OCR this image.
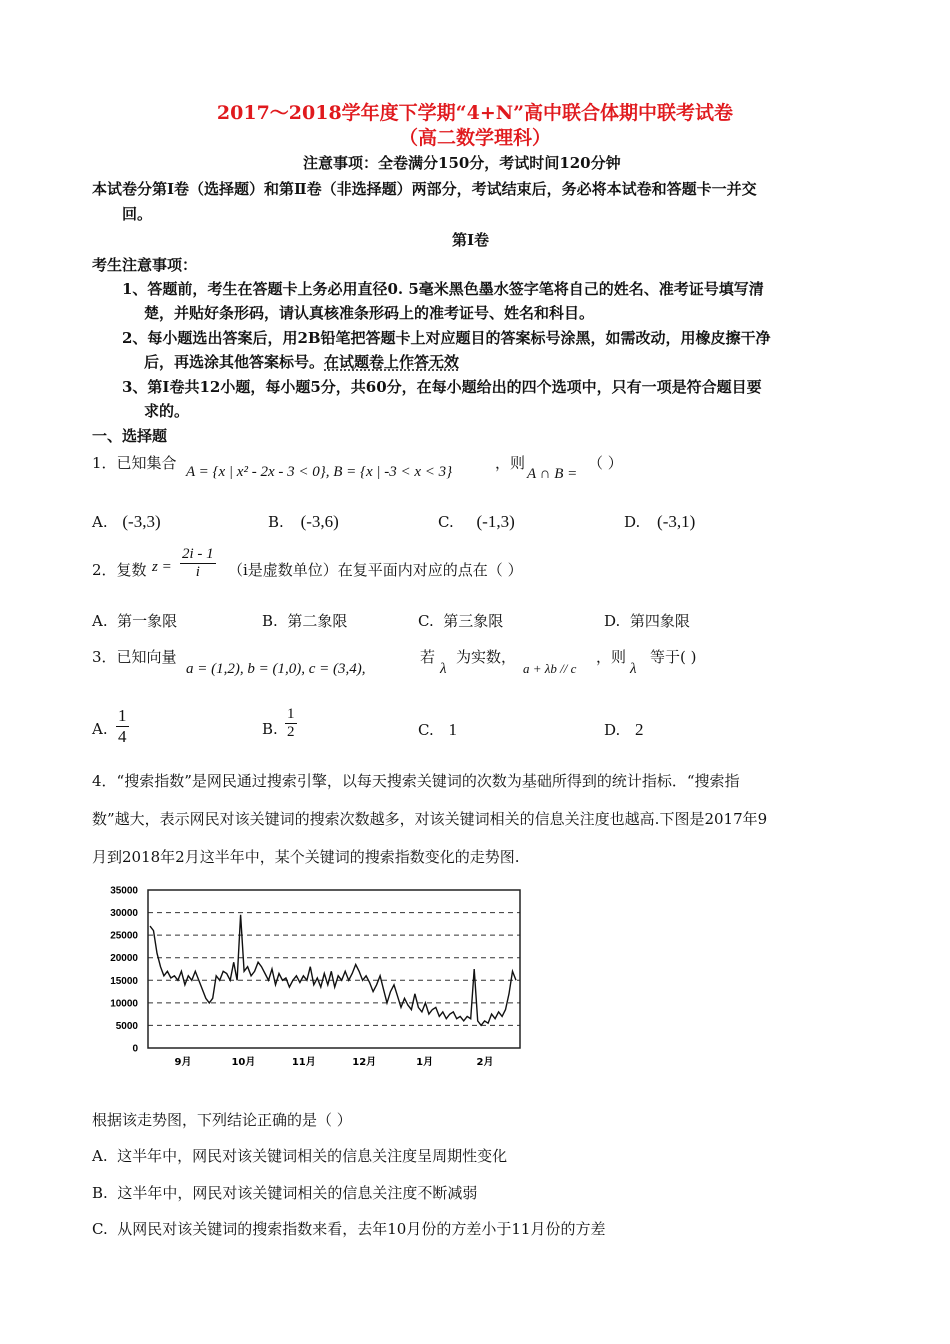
2017～2018学年度下学期“4+N”高中联合体期中联考试卷
（高二数学理科）
注意事项：全卷满分150分，考试时间120分钟
本试卷分第Ⅰ卷（选择题）和第Ⅱ卷（非选择题）两部分，考试结束后，务必将本试卷和答题卡一并交
回。
第Ⅰ卷
考生注意事项：
1、答题前，考生在答题卡上务必用直径0. 5毫米黑色墨水签字笔将自己的姓名、准考证号填写清
楚，并贴好条形码，请认真核准条形码上的准考证号、姓名和科目。
2、每小题选出答案后，用2B铅笔把答题卡上对应题目的答案标号涂黑，如需改动，用橡皮擦干净
后，再选涂其他答案标号。在试题卷上作答无效
3、第Ⅰ卷共12小题，每小题5分，共60分，在每小题给出的四个选项中，只有一项是符合题目要
求的。
一、选择题
1．已知集合 A = {x | x² - 2x - 3 < 0}, B = {x | -3 < x < 3}	，则
A ∩ B =
（ ）
A. (-3,3)	B. (-3,6)	C. (-1,3)	D. (-3,1)
2．复数 $z = \frac{2i - 1}{i} (i$是虚数单位）在复平面内对应的点在（ ）
A. 第一象限	B. 第二象限	C. 第三象限	D. 第四象限
3．已知向量
a = (1,2), b = (1,0), c = (3,4),
若
λ
为实数，
a + λb // c
，则
λ
等于( )
A. $\frac{1}{4}$	B. $\frac{1}{2}$	C. 1	D. 2
4．“搜索指数”是网民通过搜索引擎，以每天搜索关键词的次数为基础所得到的统计指标．“搜索指
数”越大，表示网民对该关键词的搜索次数越多，对该关键词相关的信息关注度也越高.下图是2017年9
月到2018年2月这半年中，某个关键词的搜索指数变化的走势图.
35000
30000
25000
20000
15000
10000
5000
0
9月	10月	11月	12月	1月	2月
根据该走势图，下列结论正确的是（ ）
A. 这半年中，网民对该关键词相关的信息关注度呈周期性变化
B. 这半年中，网民对该关键词相关的信息关注度不断减弱
C. 从网民对该关键词的搜索指数来看，去年10月份的方差小于11月份的方差
